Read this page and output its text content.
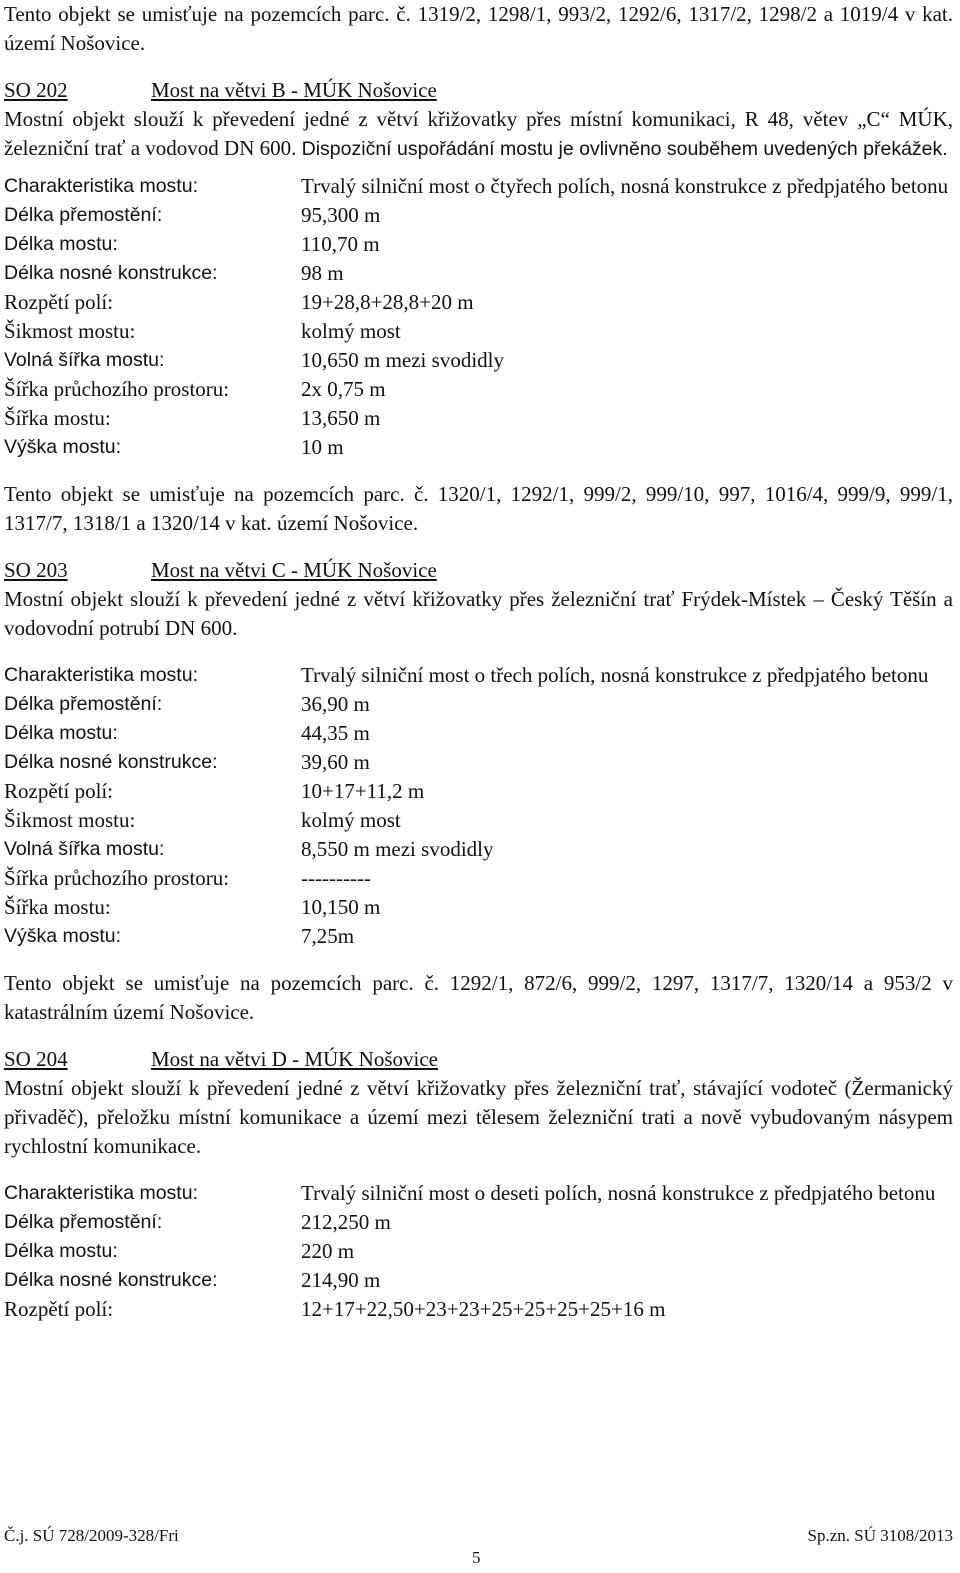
Tento objekt se umisťuje na pozemcích parc. č. 1319/2, 1298/1, 993/2, 1292/6, 1317/2, 1298/2 a 1019/4 v kat. území Nošovice.

SO 202	Most na větvi B - MÚK Nošovice

Mostní objekt slouží k převedení jedné z větví křižovatky přes místní komunikaci, R 48, větev „C“ MÚK, železniční trať a vodovod DN 600. Dispoziční uspořádání mostu je ovlivněno souběhem uvedených překážek.

Charakteristika mostu:	Trvalý silniční most o čtyřech polích, nosná konstrukce z předpjatého betonu
Délka přemostění:	95,300 m
Délka mostu:	110,70 m
Délka nosné konstrukce:	98 m
Rozpětí polí:	19+28,8+28,8+20 m
Šikmost mostu:	kolmý most
Volná šířka mostu:	10,650 m mezi svodidly
Šířka průchozího prostoru:	2x 0,75 m
Šířka mostu:	13,650 m
Výška mostu:	10 m

Tento objekt se umisťuje na pozemcích parc. č. 1320/1, 1292/1, 999/2, 999/10, 997, 1016/4, 999/9, 999/1, 1317/7, 1318/1 a 1320/14 v kat. území Nošovice.

SO 203	Most na větvi C - MÚK Nošovice

Mostní objekt slouží k převedení jedné z větví křižovatky přes železniční trať Frýdek-Místek – Český Těšín a vodovodní potrubí DN 600.

Charakteristika mostu:	Trvalý silniční most o třech polích, nosná konstrukce z předpjatého betonu
Délka přemostění:	36,90 m
Délka mostu:	44,35 m
Délka nosné konstrukce:	39,60 m
Rozpětí polí:	10+17+11,2 m
Šikmost mostu:	kolmý most
Volná šířka mostu:	8,550 m mezi svodidly
Šířka průchozího prostoru:	----------
Šířka mostu:	10,150 m
Výška mostu:	7,25m

Tento objekt se umisťuje na pozemcích parc. č. 1292/1, 872/6, 999/2, 1297, 1317/7, 1320/14 a 953/2 v katastrálním území Nošovice.

SO 204	Most na větvi D - MÚK Nošovice

Mostní objekt slouží k převedení jedné z větví křižovatky přes železniční trať, stávající vodoteč (Žermanický přivaděč), přeložku místní komunikace a území mezi tělesem železniční trati a nově vybudovaným násypem rychlostní komunikace.

Charakteristika mostu:	Trvalý silniční most o deseti polích, nosná konstrukce z předpjatého betonu
Délka přemostění:	212,250 m
Délka mostu:	220 m
Délka nosné konstrukce:	214,90 m
Rozpětí polí:	12+17+22,50+23+23+25+25+25+25+16 m
Č.j. SÚ 728/2009-328/Fri	Sp.zn. SÚ 3108/2013
5
